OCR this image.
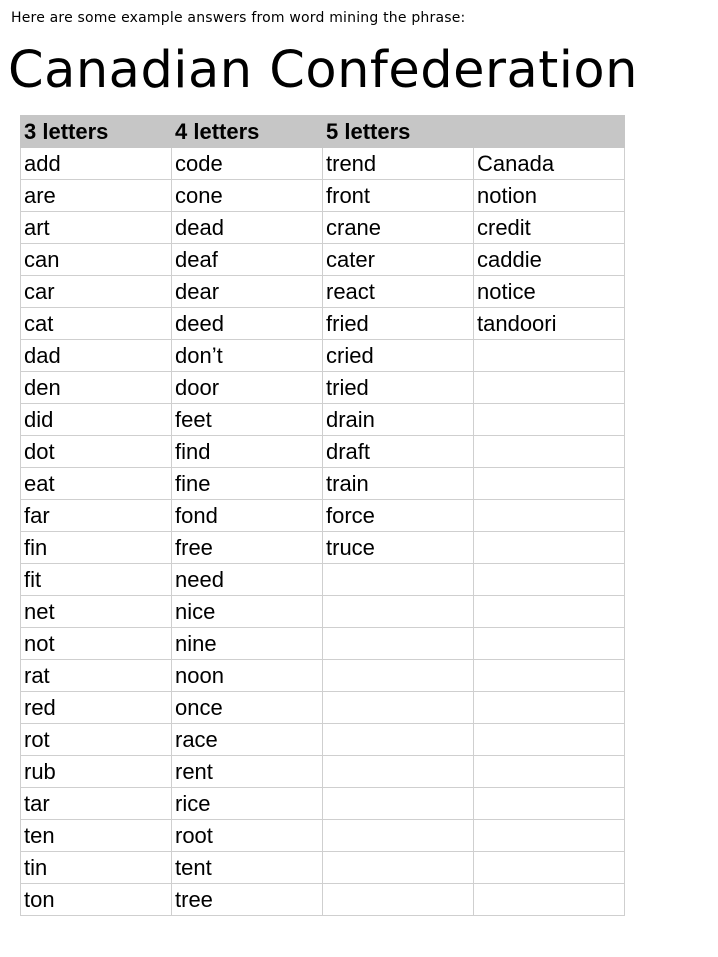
Here are some example answers from word mining the phrase:
Canadian Confederation
3 letters	4 letters	5 letters	
add	code	trend	Canada
are	cone	front	notion
art	dead	crane	credit
can	deaf	cater	caddie
car	dear	react	notice
cat	deed	fried	tandoori
dad	don’t	cried	
den	door	tried	
did	feet	drain	
dot	find	draft	
eat	fine	train	
far	fond	force	
fin	free	truce	
fit	need		
net	nice		
not	nine		
rat	noon		
red	once		
rot	race		
rub	rent		
tar	rice		
ten	root		
tin	tent		
ton	tree		
